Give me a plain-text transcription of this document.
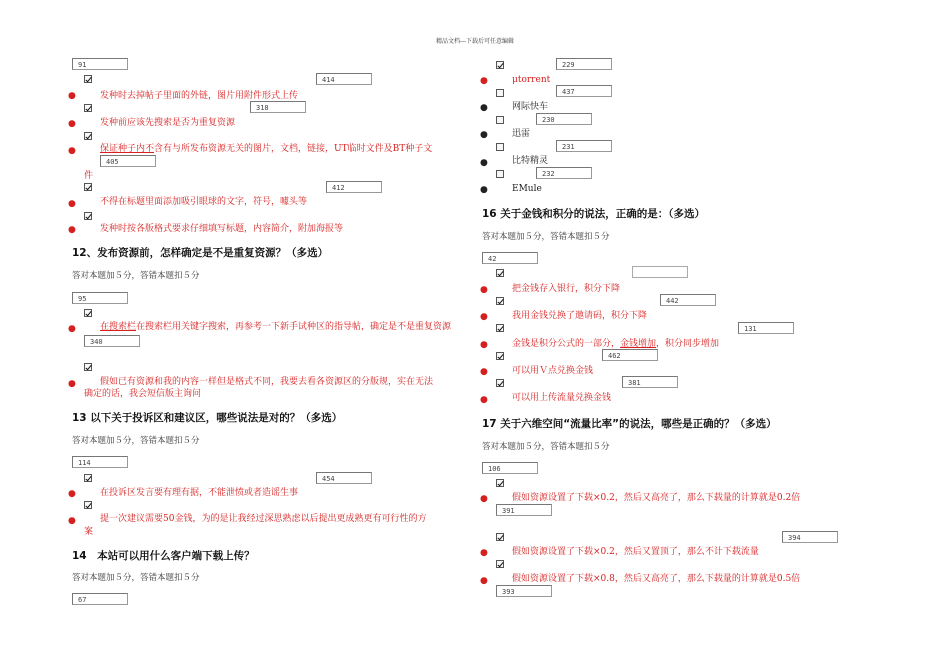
精品文档---下载后可任意编辑
91
414
●	发种时去掉帖子里面的外链，图片用附件形式上传
318
●	发种前应该先搜索是否为重复资源
●	保证种子内不含有与所发布资源无关的图片，文档，链接，UT临时文件及BT种子文
405
件
412
●	不得在标题里面添加吸引眼球的文字，符号，噱头等
●	发种时按各版格式要求仔细填写标题，内容简介，附加海报等
12、发布资源前，怎样确定是不是重复资源？（多选）
答对本题加５分，答错本题扣５分
95
●	在搜索栏在搜索栏用关键字搜索，再参考一下新手试种区的指导帖，确定是不是重复资源
340
●	假如已有资源和我的内容一样但是格式不同，我要去看各资源区的分版规，实在无法
确定的话，我会短信版主询问
13 以下关于投诉区和建议区，哪些说法是对的？（多选）
答对本题加５分，答错本题扣５分
114
454
●	在投诉区发言要有理有据，不能泄愤或者造谣生事
●	提一次建议需要50金钱，为的是让我经过深思熟虑以后提出更成熟更有可行性的方
案
14　本站可以用什么客户端下载上传？
答对本题加５分，答错本题扣５分
67
229
●	μtorrent
437
●	网际快车
230
●	迅雷
231
●	比特精灵
232
●	EMule
16 关于金钱和积分的说法，正确的是：（多选）
答对本题加５分，答错本题扣５分
42
●	把金钱存入银行，积分下降
442
●	我用金钱兑换了邀请码，积分下降
131
●	金钱是积分公式的一部分，金钱增加，积分同步增加
462
●	可以用Ｖ点兑换金钱
381
●	可以用上传流量兑换金钱
17 关于六维空间“流量比率”的说法，哪些是正确的？（多选）
答对本题加５分，答错本题扣５分
106
●	假如资源设置了下载×0.2，然后又高亮了，那么下载量的计算就是0.2倍
391
394
●	假如资源设置了下载×0.2，然后又置顶了，那么不计下载流量
●	假如资源设置了下载×0.8，然后又高亮了，那么下载量的计算就是0.5倍
393
